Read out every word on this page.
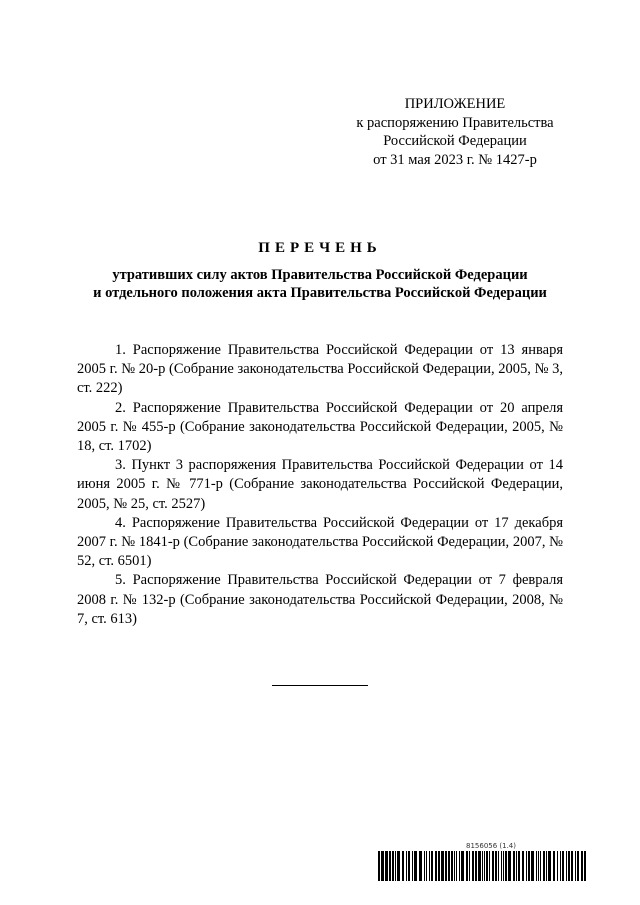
ПРИЛОЖЕНИЕ
к распоряжению Правительства
Российской Федерации
от 31 мая 2023 г. № 1427-р
ПЕРЕЧЕНЬ
утративших силу актов Правительства Российской Федерации
и отдельного положения акта Правительства Российской Федерации

1. Распоряжение Правительства Российской Федерации от 13 января 2005 г. № 20-р (Собрание законодательства Российской Федерации, 2005, № 3, ст. 222)

2. Распоряжение Правительства Российской Федерации от 20 апреля 2005 г. № 455-р (Собрание законодательства Российской Федерации, 2005, № 18, ст. 1702)

3. Пункт 3 распоряжения Правительства Российской Федерации от 14 июня 2005 г. № 771-р (Собрание законодательства Российской Федерации, 2005, № 25, ст. 2527)

4. Распоряжение Правительства Российской Федерации от 17 декабря 2007 г. № 1841-р (Собрание законодательства Российской Федерации, 2007, № 52, ст. 6501)

5. Распоряжение Правительства Российской Федерации от 7 февраля 2008 г. № 132-р (Собрание законодательства Российской Федерации, 2008, № 7, ст. 613)

8156056 (1.4)
